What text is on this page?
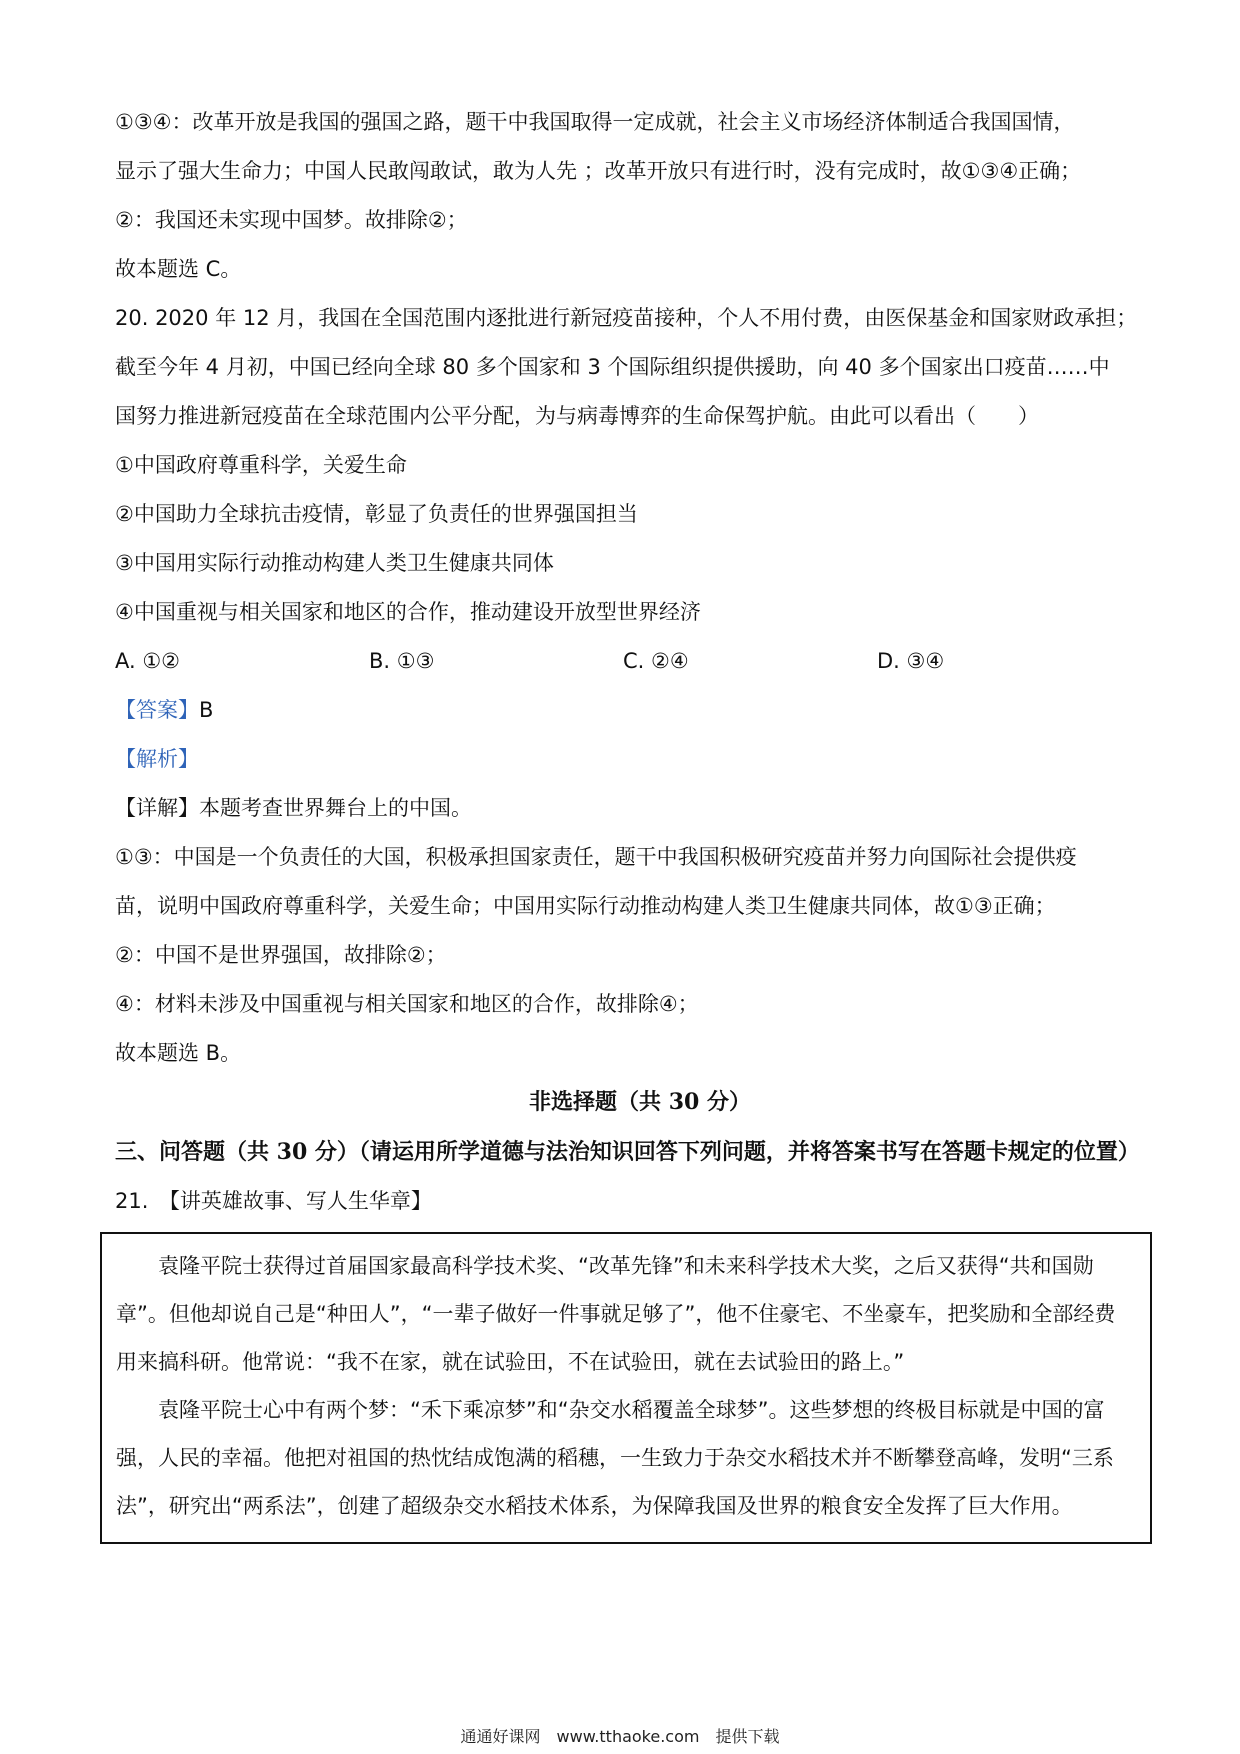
①③④：改革开放是我国的强国之路，题干中我国取得一定成就，社会主义市场经济体制适合我国国情，

显示了强大生命力；中国人民敢闯敢试，敢为人先 ；改革开放只有进行时，没有完成时，故①③④正确；

②：我国还未实现中国梦。故排除②；

故本题选 C。

20. 2020 年 12 月，我国在全国范围内逐批进行新冠疫苗接种，个人不用付费，由医保基金和国家财政承担；

截至今年 4 月初，中国已经向全球 80 多个国家和 3 个国际组织提供援助，向 40 多个国家出口疫苗……中

国努力推进新冠疫苗在全球范围内公平分配，为与病毒博弈的生命保驾护航。由此可以看出（　　）

①中国政府尊重科学，关爱生命

②中国助力全球抗击疫情，彰显了负责任的世界强国担当

③中国用实际行动推动构建人类卫生健康共同体

④中国重视与相关国家和地区的合作，推动建设开放型世界经济

A. ①②	B. ①③	C. ②④	D. ③④

【答案】B

【解析】

【详解】本题考查世界舞台上的中国。

①③：中国是一个负责任的大国，积极承担国家责任，题干中我国积极研究疫苗并努力向国际社会提供疫

苗，说明中国政府尊重科学，关爱生命；中国用实际行动推动构建人类卫生健康共同体，故①③正确；

②：中国不是世界强国，故排除②；

④：材料未涉及中国重视与相关国家和地区的合作，故排除④；

故本题选 B。

非选择题（共 30 分）

三、问答题（共 30 分）（请运用所学道德与法治知识回答下列问题，并将答案书写在答题卡规定的位置）

21.　【讲英雄故事、写人生华章】

袁隆平院士获得过首届国家最高科学技术奖、“改革先锋”和未来科学技术大奖，之后又获得“共和国勋章”。但他却说自己是“种田人”，“一辈子做好一件事就足够了”，他不住豪宅、不坐豪车，把奖励和全部经费用来搞科研。他常说：“我不在家，就在试验田，不在试验田，就在去试验田的路上。”

袁隆平院士心中有两个梦：“禾下乘凉梦”和“杂交水稻覆盖全球梦”。这些梦想的终极目标就是中国的富强，人民的幸福。他把对祖国的热忱结成饱满的稻穗，一生致力于杂交水稻技术并不断攀登高峰，发明“三系法”，研究出“两系法”，创建了超级杂交水稻技术体系，为保障我国及世界的粮食安全发挥了巨大作用。

通通好课网　www.tthaoke.com　提供下载
